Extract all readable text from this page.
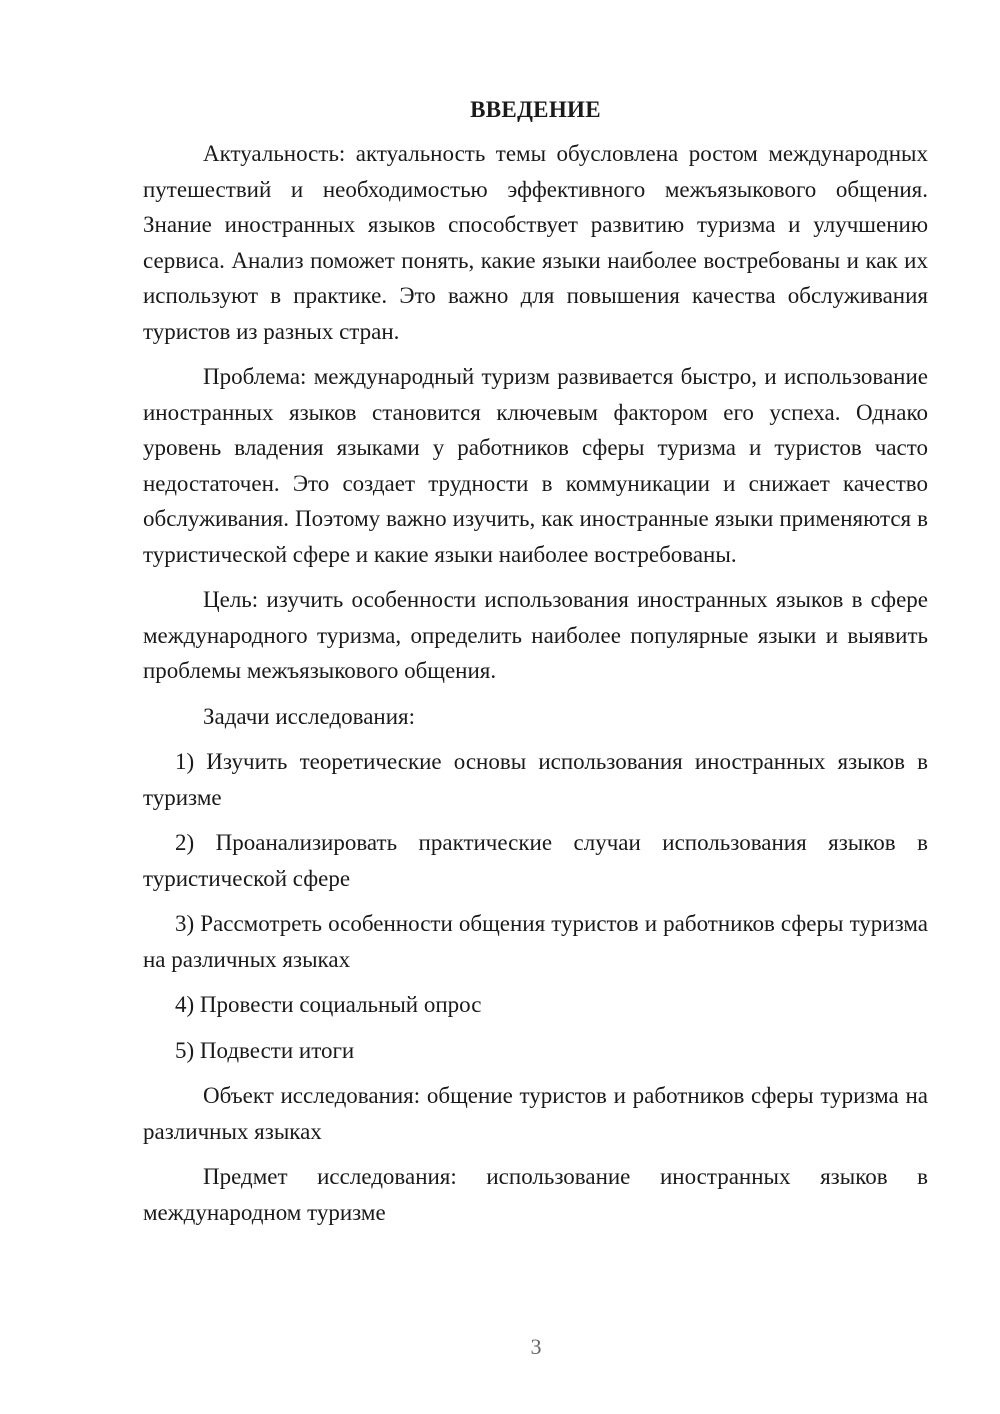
ВВЕДЕНИЕ

Актуальность: актуальность темы обусловлена ростом международных путешествий и необходимостью эффективного межъязыкового общения. Знание иностранных языков способствует развитию туризма и улучшению сервиса. Анализ поможет понять, какие языки наиболее востребованы и как их используют в практике. Это важно для повышения качества обслуживания туристов из разных стран.

Проблема: международный туризм развивается быстро, и использование иностранных языков становится ключевым фактором его успеха. Однако уровень владения языками у работников сферы туризма и туристов часто недостаточен. Это создает трудности в коммуникации и снижает качество обслуживания. Поэтому важно изучить, как иностранные языки применяются в туристической сфере и какие языки наиболее востребованы.

Цель: изучить особенности использования иностранных языков в сфере международного туризма, определить наиболее популярные языки и выявить проблемы межъязыкового общения.

Задачи исследования:

1) Изучить теоретические основы использования иностранных языков в туризме

2) Проанализировать практические случаи использования языков в туристической сфере

3) Рассмотреть особенности общения туристов и работников сферы туризма на различных языках

4) Провести социальный опрос

5) Подвести итоги

Объект исследования: общение туристов и работников сферы туризма на различных языках

Предмет исследования: использование иностранных языков в международном туризме

3
